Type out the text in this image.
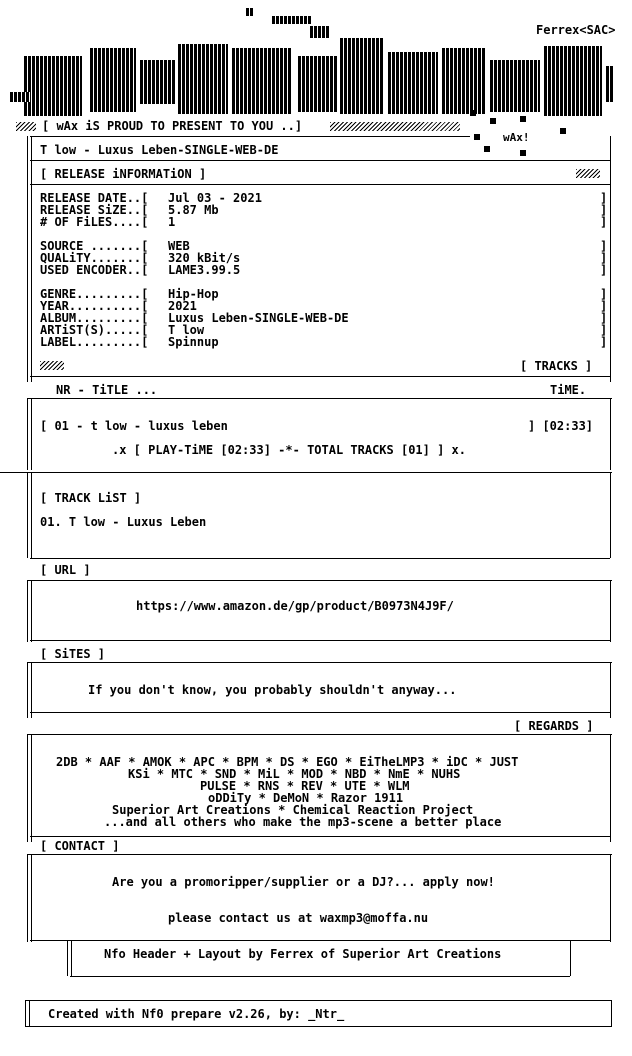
Ferrex<SAC>
[ wAx iS PROUD TO PRESENT TO YOU ..]
wAx!
T low - Luxus Leben-SINGLE-WEB-DE
[ RELEASE iNFORMATiON ]
RELEASE DATE..[ Jul 03 - 2021	]
RELEASE SiZE..[ 5.87 Mb	]
# OF FiLES....[ 1	]
SOURCE .......[ WEB	]
QUALiTY.......[ 320 kBit/s	]
USED ENCODER..[ LAME3.99.5	]
GENRE.........[ Hip-Hop	]
YEAR..........[ 2021	]
ALBUM.........[ Luxus Leben-SINGLE-WEB-DE	]
ARTiST(S).....[ T low	]
LABEL.........[ Spinnup	]
[ TRACKS ]
NR - TiTLE ...	TiME.
[ 01 - t low - luxus leben	] [02:33]
.x [ PLAY-TiME [02:33] -*- TOTAL TRACKS [01] ] x.
[ TRACK LiST ]
01. T low - Luxus Leben
[ URL ]
https://www.amazon.de/gp/product/B0973N4J9F/
[ SiTES ]
If you don't know, you probably shouldn't anyway...
[ REGARDS ]
2DB * AAF * AMOK * APC * BPM * DS * EGO * EiTheLMP3 * iDC * JUST
KSi * MTC * SND * MiL * MOD * NBD * NmE * NUHS
PULSE * RNS * REV * UTE * WLM
oDDiTy * DeMoN * Razor 1911
Superior Art Creations * Chemical Reaction Project
...and all others who make the mp3-scene a better place
[ CONTACT ]
Are you a promoripper/supplier or a DJ?... apply now!
please contact us at waxmp3@moffa.nu
Nfo Header + Layout by Ferrex of Superior Art Creations
Created with Nf0 prepare v2.26, by: _Ntr_
